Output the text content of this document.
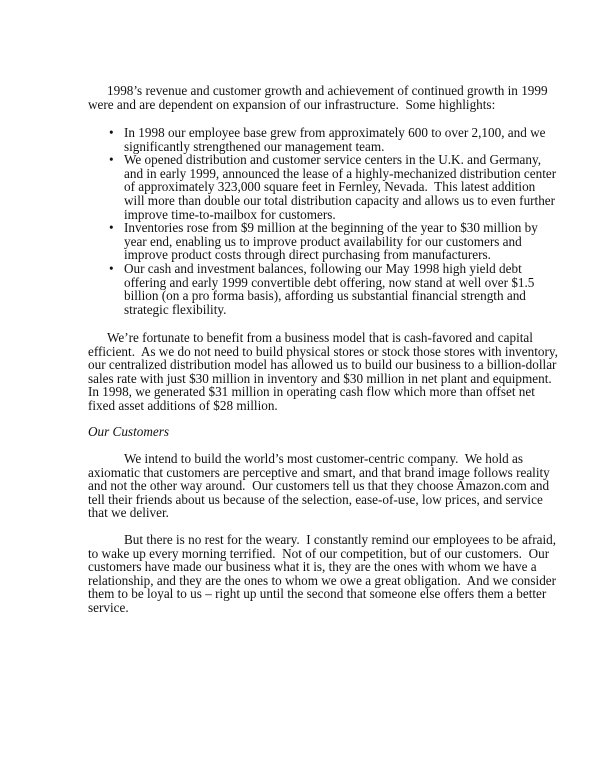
1998’s revenue and customer growth and achievement of continued growth in 1999
were and are dependent on expansion of our infrastructure.  Some highlights:
• In 1998 our employee base grew from approximately 600 to over 2,100, and we
significantly strengthened our management team.
• We opened distribution and customer service centers in the U.K. and Germany,
and in early 1999, announced the lease of a highly-mechanized distribution center
of approximately 323,000 square feet in Fernley, Nevada.  This latest addition
will more than double our total distribution capacity and allows us to even further
improve time-to-mailbox for customers.
• Inventories rose from $9 million at the beginning of the year to $30 million by
year end, enabling us to improve product availability for our customers and
improve product costs through direct purchasing from manufacturers.
• Our cash and investment balances, following our May 1998 high yield debt
offering and early 1999 convertible debt offering, now stand at well over $1.5
billion (on a pro forma basis), affording us substantial financial strength and
strategic flexibility.
We’re fortunate to benefit from a business model that is cash-favored and capital
efficient.  As we do not need to build physical stores or stock those stores with inventory,
our centralized distribution model has allowed us to build our business to a billion-dollar
sales rate with just $30 million in inventory and $30 million in net plant and equipment.
In 1998, we generated $31 million in operating cash flow which more than offset net
fixed asset additions of $28 million.
Our Customers
We intend to build the world’s most customer-centric company.  We hold as
axiomatic that customers are perceptive and smart, and that brand image follows reality
and not the other way around.  Our customers tell us that they choose Amazon.com and
tell their friends about us because of the selection, ease-of-use, low prices, and service
that we deliver.
But there is no rest for the weary.  I constantly remind our employees to be afraid,
to wake up every morning terrified.  Not of our competition, but of our customers.  Our
customers have made our business what it is, they are the ones with whom we have a
relationship, and they are the ones to whom we owe a great obligation.  And we consider
them to be loyal to us – right up until the second that someone else offers them a better
service.
